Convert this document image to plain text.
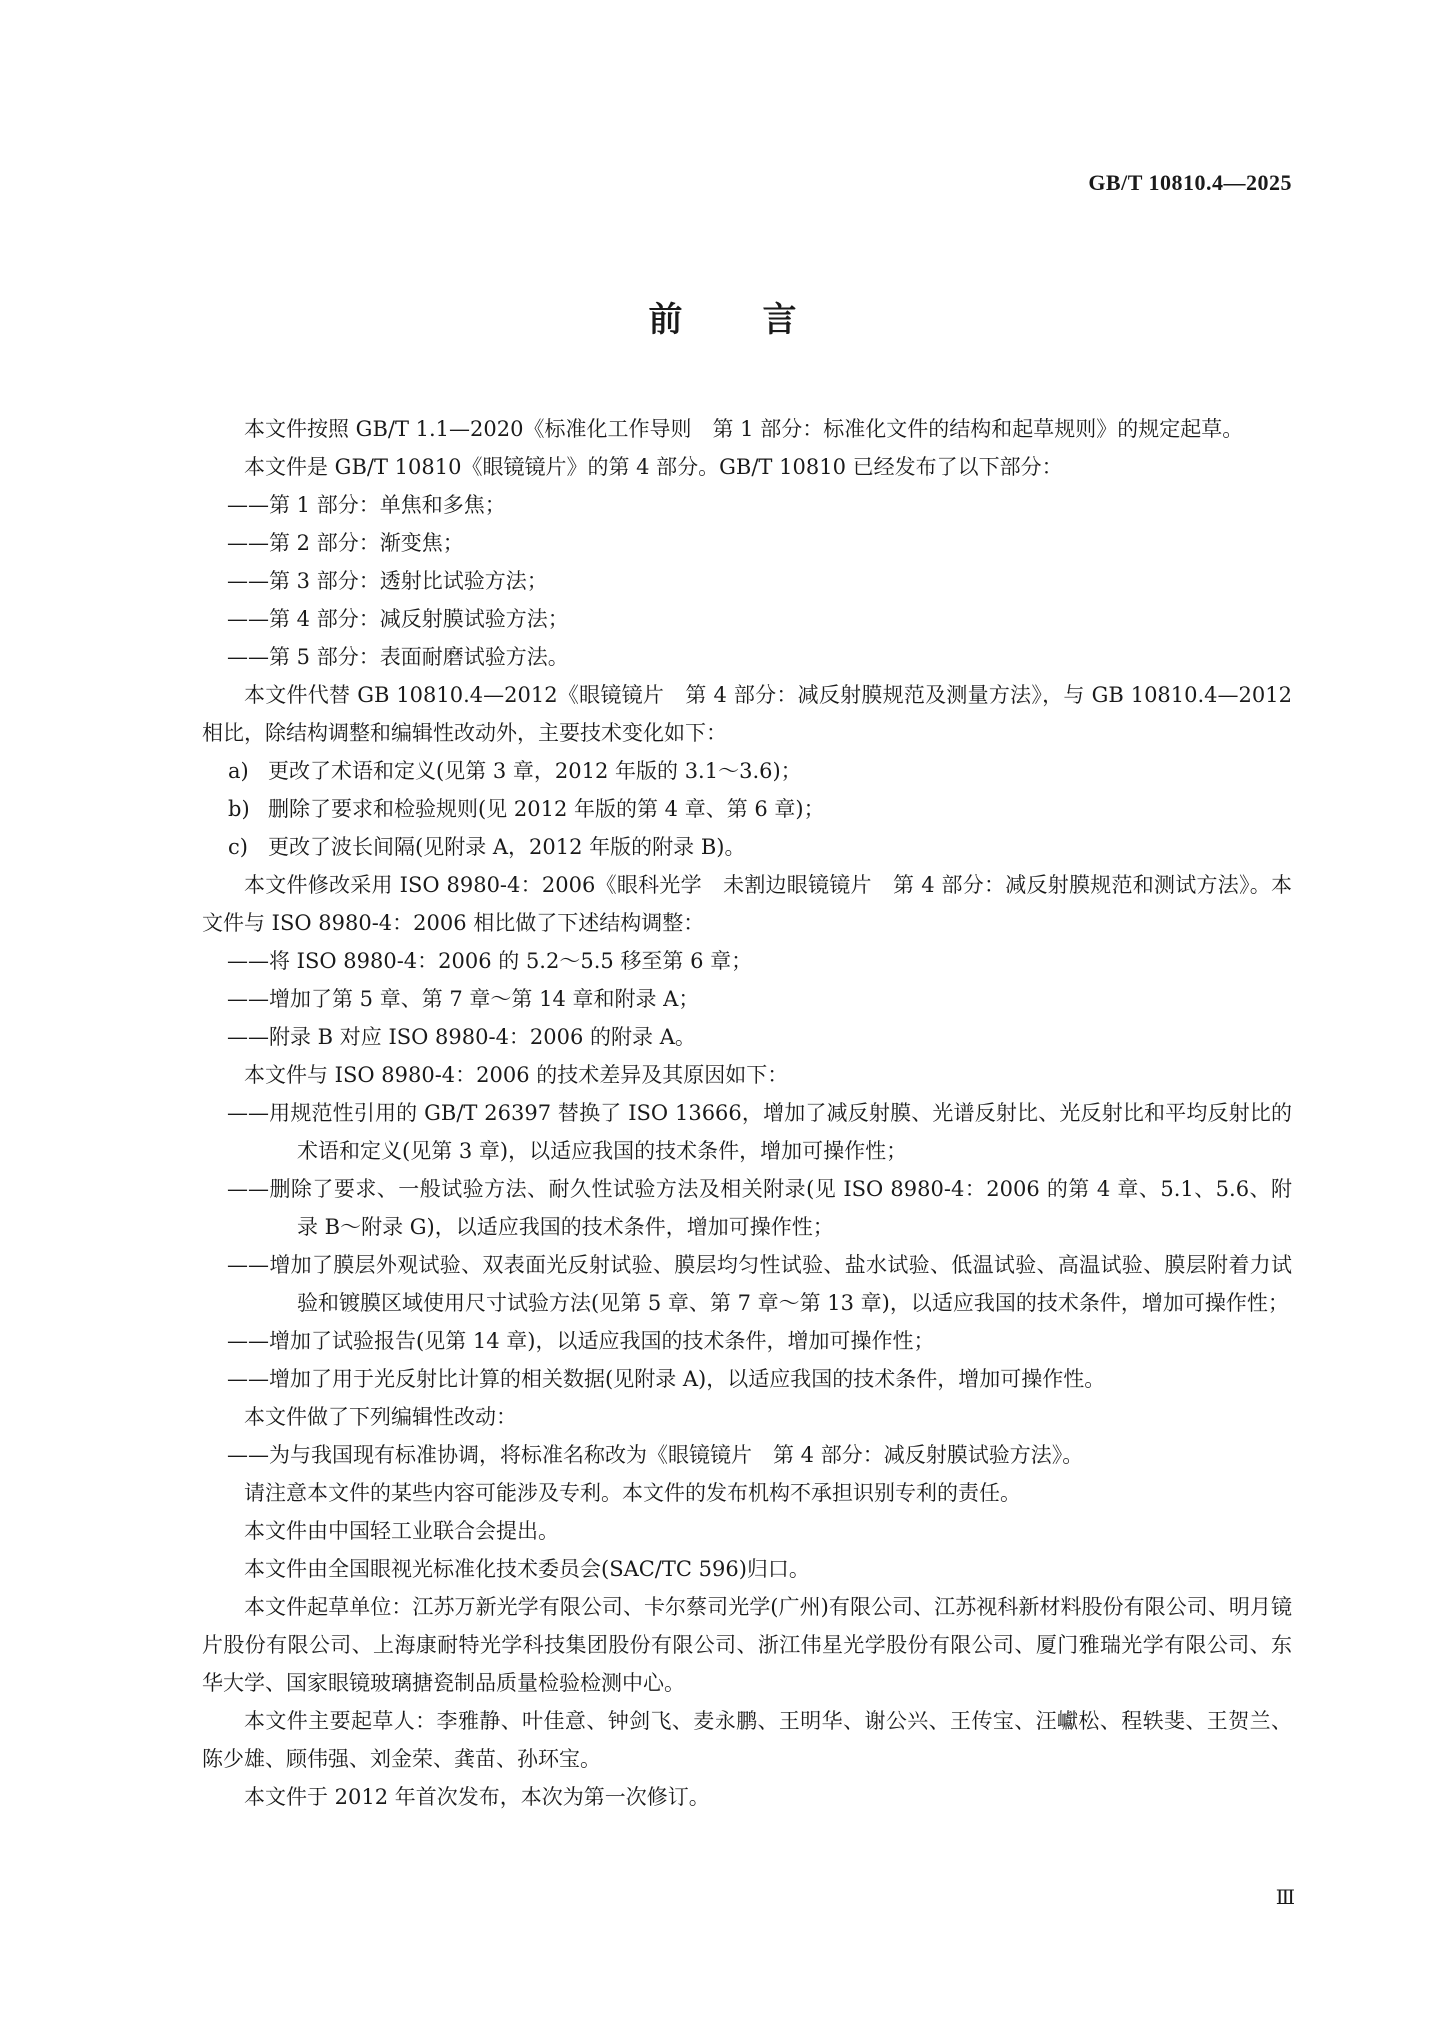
GB/T 10810.4—2025
前言

本文件按照 GB/T 1.1—2020《标准化工作导则　第 1 部分：标准化文件的结构和起草规则》的规定起草。

本文件是 GB/T 10810《眼镜镜片》的第 4 部分。GB/T 10810 已经发布了以下部分：

——第 1 部分：单焦和多焦；

——第 2 部分：渐变焦；

——第 3 部分：透射比试验方法；

——第 4 部分：减反射膜试验方法；

——第 5 部分：表面耐磨试验方法。

本文件代替 GB 10810.4—2012《眼镜镜片　第 4 部分：减反射膜规范及测量方法》，与 GB 10810.4—2012 相比，除结构调整和编辑性改动外，主要技术变化如下：

a) 更改了术语和定义(见第 3 章，2012 年版的 3.1～3.6)；

b) 删除了要求和检验规则(见 2012 年版的第 4 章、第 6 章)；

c) 更改了波长间隔(见附录 A，2012 年版的附录 B)。

本文件修改采用 ISO 8980-4：2006《眼科光学　未割边眼镜镜片　第 4 部分：减反射膜规范和测试方法》。本文件与 ISO 8980-4：2006 相比做了下述结构调整：

——将 ISO 8980-4：2006 的 5.2～5.5 移至第 6 章；

——增加了第 5 章、第 7 章～第 14 章和附录 A；

——附录 B 对应 ISO 8980-4：2006 的附录 A。

本文件与 ISO 8980-4：2006 的技术差异及其原因如下：

——用规范性引用的 GB/T 26397 替换了 ISO 13666，增加了减反射膜、光谱反射比、光反射比和平均反射比的术语和定义(见第 3 章)，以适应我国的技术条件，增加可操作性；

——删除了要求、一般试验方法、耐久性试验方法及相关附录(见 ISO 8980-4：2006 的第 4 章、5.1、5.6、附录 B～附录 G)，以适应我国的技术条件，增加可操作性；

——增加了膜层外观试验、双表面光反射试验、膜层均匀性试验、盐水试验、低温试验、高温试验、膜层附着力试验和镀膜区域使用尺寸试验方法(见第 5 章、第 7 章～第 13 章)，以适应我国的技术条件，增加可操作性；

——增加了试验报告(见第 14 章)，以适应我国的技术条件，增加可操作性；

——增加了用于光反射比计算的相关数据(见附录 A)，以适应我国的技术条件，增加可操作性。

本文件做了下列编辑性改动：

——为与我国现有标准协调，将标准名称改为《眼镜镜片　第 4 部分：减反射膜试验方法》。

请注意本文件的某些内容可能涉及专利。本文件的发布机构不承担识别专利的责任。

本文件由中国轻工业联合会提出。

本文件由全国眼视光标准化技术委员会(SAC/TC 596)归口。

本文件起草单位：江苏万新光学有限公司、卡尔蔡司光学(广州)有限公司、江苏视科新材料股份有限公司、明月镜片股份有限公司、上海康耐特光学科技集团股份有限公司、浙江伟星光学股份有限公司、厦门雅瑞光学有限公司、东华大学、国家眼镜玻璃搪瓷制品质量检验检测中心。

本文件主要起草人：李雅静、叶佳意、钟剑飞、麦永鹏、王明华、谢公兴、王传宝、汪巘松、程轶斐、王贺兰、陈少雄、顾伟强、刘金荣、龚苗、孙环宝。

本文件于 2012 年首次发布，本次为第一次修订。

Ⅲ
